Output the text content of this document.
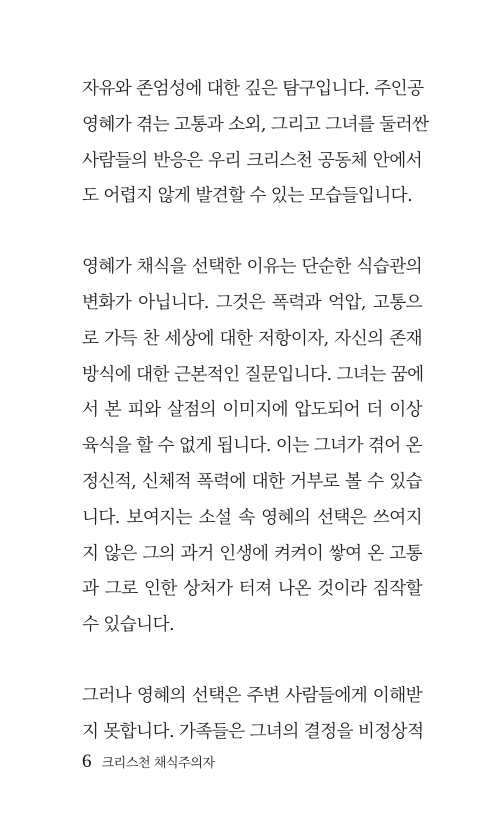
자유와 존엄성에 대한 깊은 탐구입니다. 주인공
영혜가 겪는 고통과 소외, 그리고 그녀를 둘러싼
사람들의 반응은 우리 크리스천 공동체 안에서
도 어렵지 않게 발견할 수 있는 모습들입니다.

영혜가 채식을 선택한 이유는 단순한 식습관의
변화가 아닙니다. 그것은 폭력과 억압, 고통으
로 가득 찬 세상에 대한 저항이자, 자신의 존재
방식에 대한 근본적인 질문입니다. 그녀는 꿈에
서 본 피와 살점의 이미지에 압도되어 더 이상
육식을 할 수 없게 됩니다. 이는 그녀가 겪어 온
정신적, 신체적 폭력에 대한 거부로 볼 수 있습
니다. 보여지는 소설 속 영혜의 선택은 쓰여지
지 않은 그의 과거 인생에 켜켜이 쌓여 온 고통
과 그로 인한 상처가 터져 나온 것이라 짐작할
수 있습니다.

그러나 영혜의 선택은 주변 사람들에게 이해받
지 못합니다. 가족들은 그녀의 결정을 비정상적

6 크리스천 채식주의자
